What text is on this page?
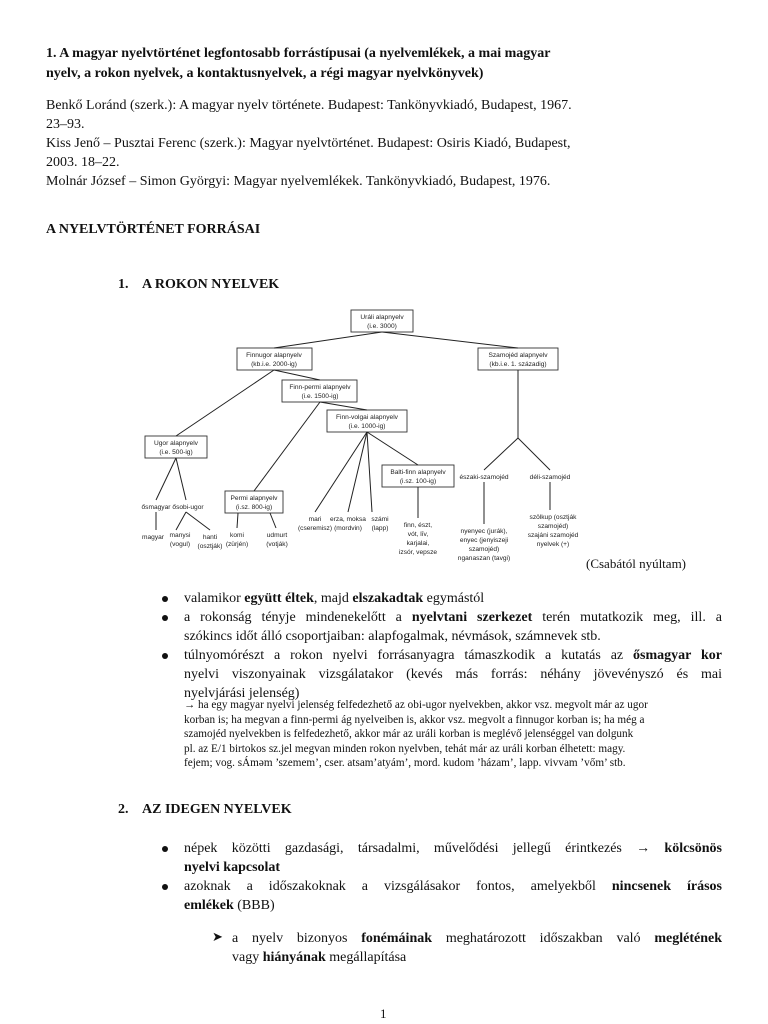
1. A magyar nyelvtörténet legfontosabb forrástípusai (a nyelvemlékek, a mai magyar
nyelv, a rokon nyelvek, a kontaktusnyelvek, a régi magyar nyelvkönyvek)
Benkő Loránd (szerk.): A magyar nyelv története. Budapest: Tankönyvkiadó, Budapest, 1967.
23–93.
Kiss Jenő – Pusztai Ferenc (szerk.): Magyar nyelvtörténet. Budapest: Osiris Kiadó, Budapest,
2003. 18–22.
Molnár József – Simon Györgyi: Magyar nyelvemlékek. Tankönyvkiadó, Budapest, 1976.
A NYELVTÖRTÉNET FORRÁSAI
1. A ROKON NYELVEK
Uráli alapnyelv
(i.e. 3000)
Finnugor alapnyelv
(kb.i.e. 2000-ig)
Szamojéd alapnyelv
(kb.i.e. 1. századig)
Finn-permi alapnyelv
(i.e. 1500-ig)
Finn-volgai alapnyelv
(i.e. 1000-ig)
Ugor alapnyelv
(i.e. 500-ig)
Permi alapnyelv
(i.sz. 800-ig)
Balti-finn alapnyelv
(i.sz. 100-ig)
ősmagyar ősobi-ugor
északi-szamojéd	déli-szamojéd
magyar manysi
(vogul)
hanti
(osztják)
komi
(zürjén)
udmurt
(votják)
mari
(cseremisz)
erza, moksa
(mordvin)
számi
(lapp) finn, észt,
vót, līv,
karjalai,
izsór, vepsze
nyenyec (jurák),
enyec (jenyiszeji
szamojéd)
nganaszan (tavgi)
szölkup (osztják
szamojéd)
szajáni szamojéd
nyelvek (+)
(Csabától nyúltam)
valamikor együtt éltek, majd elszakadtak egymástól
a rokonság tényje mindenekelőtt a nyelvtani szerkezet terén mutatkozik meg, ill. a
szókincs időt álló csoportjaiban: alapfogalmak, névmások, számnevek stb.
túlnyomórészt a rokon nyelvi forrásanyagra támaszkodik a kutatás az ősmagyar kor
nyelvi viszonyainak vizsgálatakor (kevés más forrás: néhány jövevényszó és mai
nyelvjárási jelenség)
→ ha egy magyar nyelvi jelenség felfedezhető az obi-ugor nyelvekben, akkor vsz. megvolt már az ugor
korban is; ha megvan a finn-permi ág nyelveiben is, akkor vsz. megvolt a finnugor korban is; ha még a
szamojéd nyelvekben is felfedezhető, akkor már az uráli korban is meglévő jelenséggel van dolgunk
pl. az E/1 birtokos sz.jel megvan minden rokon nyelvben, tehát már az uráli korban élhetett: magy.
fejem; vog. sÁmǝm ’szemem’, cser. atsam’atyám’, mord. kudom ’házam’, lapp. vivvam ’vőm’ stb.
2. AZ IDEGEN NYELVEK
népek közötti gazdasági, társadalmi, művelődési jellegű érintkezés → kölcsönös
nyelvi kapcsolat
azoknak a időszakoknak a vizsgálásakor fontos, amelyekből nincsenek írásos
emlékek (BBB)
➤ a nyelv bizonyos fonémáinak meghatározott időszakban való meglétének
vagy hiányának megállapítása
1
